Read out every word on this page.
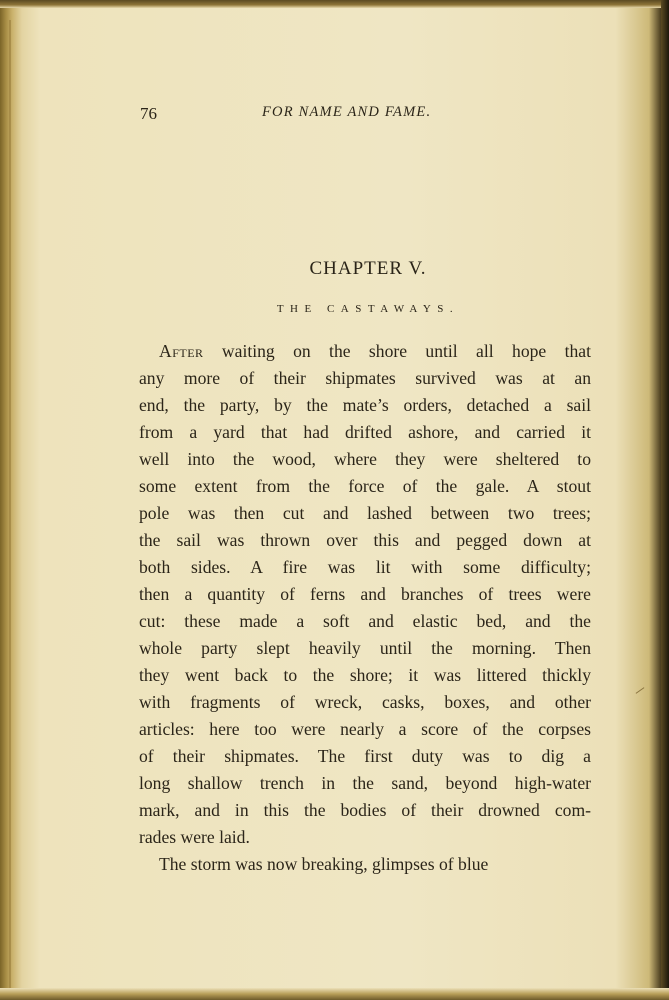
76	FOR NAME AND FAME.
CHAPTER V.
THE CASTAWAYS.
After waiting on the shore until all hope that
any more of their shipmates survived was at an
end, the party, by the mate’s orders, detached a sail
from a yard that had drifted ashore, and carried it
well into the wood, where they were sheltered to
some extent from the force of the gale. A stout
pole was then cut and lashed between two trees;
the sail was thrown over this and pegged down at
both sides. A fire was lit with some difficulty;
then a quantity of ferns and branches of trees were
cut: these made a soft and elastic bed, and the
whole party slept heavily until the morning. Then
they went back to the shore; it was littered thickly
with fragments of wreck, casks, boxes, and other
articles: here too were nearly a score of the corpses
of their shipmates. The first duty was to dig a
long shallow trench in the sand, beyond high-water
mark, and in this the bodies of their drowned com-
rades were laid.
The storm was now breaking, glimpses of blue
